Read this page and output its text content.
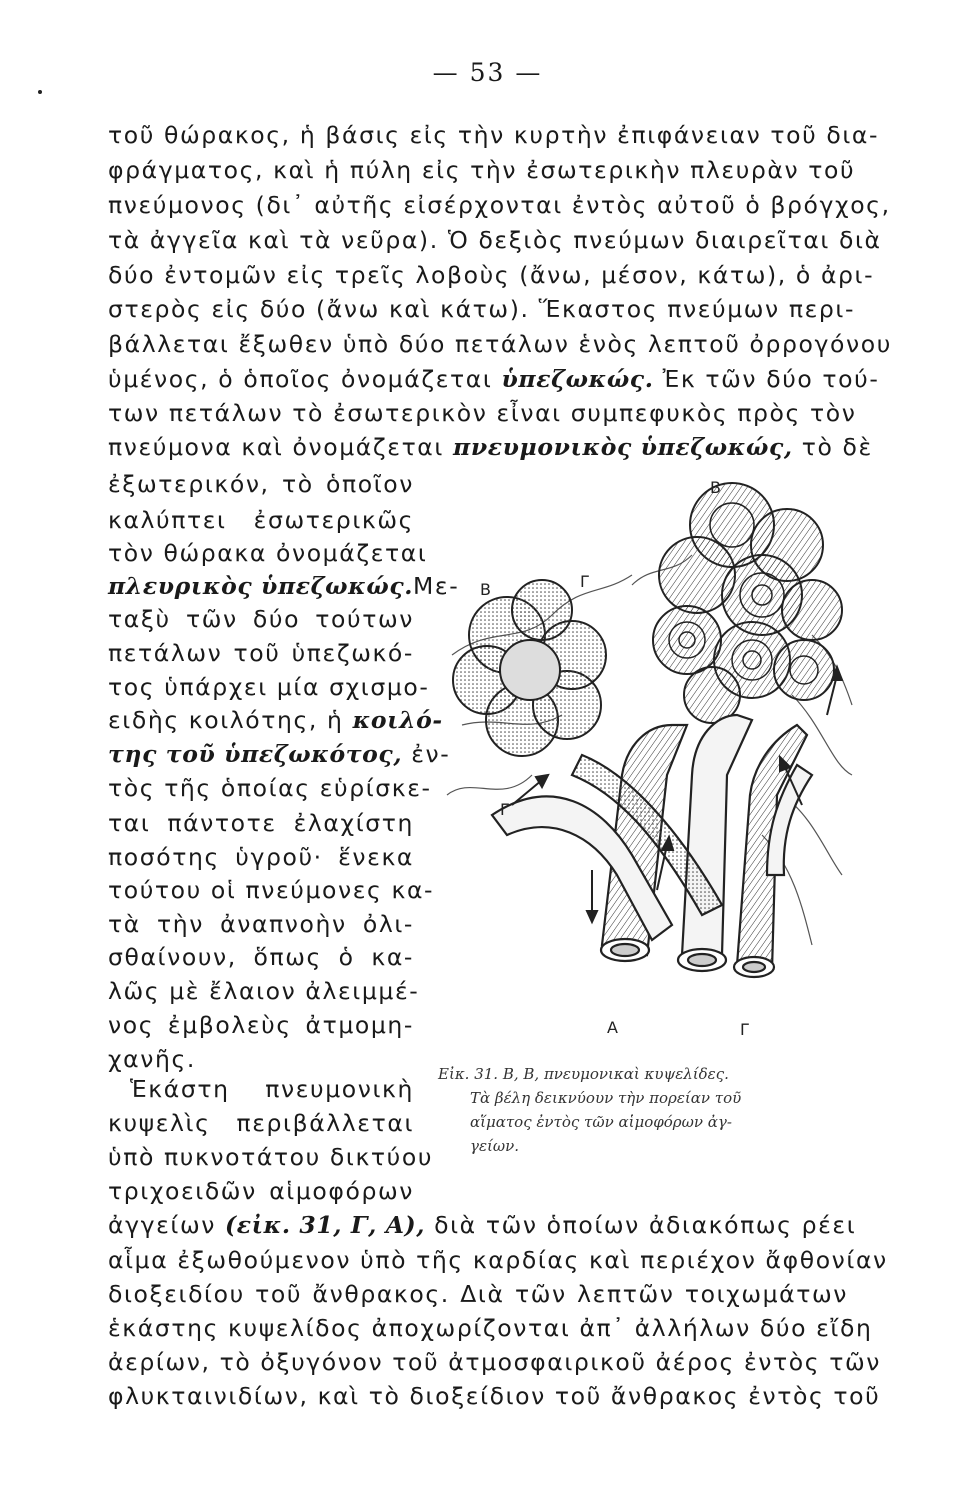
— 53 —
τοῦ θώρακος, ἡ βάσις εἰς τὴν κυρτὴν ἐπιφάνειαν τοῦ δια-
φράγματος, καὶ ἡ πύλη εἰς τὴν ἐσωτερικὴν πλευρὰν τοῦ
πνεύμονος (δι᾽ αὐτῆς εἰσέρχονται ἐντὸς αὐτοῦ ὁ βρόγχος,
τὰ ἀγγεῖα καὶ τὰ νεῦρα). Ὁ δεξιὸς πνεύμων διαιρεῖται διὰ
δύο ἐντομῶν εἰς τρεῖς λοβοὺς (ἄνω, μέσον, κάτω), ὁ ἀρι-
στερὸς εἰς δύο (ἄνω καὶ κάτω). Ἕκαστος πνεύμων περι-
βάλλεται ἔξωθεν ὑπὸ δύο πετάλων ἑνὸς λεπτοῦ ὀρρογόνου
ὑμένος, ὁ ὁποῖος ὀνομάζεται ὑπεζωκώς. Ἐκ τῶν δύο τού-
των πετάλων τὸ ἐσωτερικὸν εἶναι συμπεφυκὸς πρὸς τὸν
πνεύμονα καὶ ὀνομάζεται πνευμονικὸς ὑπεζωκώς, τὸ δὲ
ἐξωτερικόν, τὸ ὁποῖον
καλύπτει ἐσωτερικῶς
τὸν θώρακα ὀνομάζεται
πλευρικὸς ὑπεζωκώς.Με-
ταξὺ τῶν δύο τούτων
πετάλων τοῦ ὑπεζωκό-
τος ὑπάρχει μία σχισμο-
ειδὴς κοιλότης, ἡ κοιλό-
της τοῦ ὑπεζωκότος, ἐν-
τὸς τῆς ὁποίας εὑρίσκε-
ται πάντοτε ἐλαχίστη
ποσότης ὑγροῦ· ἕνεκα
τούτου οἱ πνεύμονες κα-
τὰ τὴν ἀναπνοὴν ὀλι-
σθαίνουν, ὅπως ὁ κα-
λῶς μὲ ἔλαιον ἀλειμμέ-
νος ἐμβολεὺς ἀτμομη-
χανῆς.
Ἑκάστη πνευμονικὴ
κυψελὶς περιβάλλεται
ὑπὸ πυκνοτάτου δικτύου
τριχοειδῶν αἱμοφόρων
ἀγγείων (εἰκ. 31, Γ, Α), διὰ τῶν ὁποίων ἀδιακόπως ρέει
αἷμα ἐξωθούμενον ὑπὸ τῆς καρδίας καὶ περιέχον ἄφθονίαν
διοξειδίου τοῦ ἄνθρακος. Διὰ τῶν λεπτῶν τοιχωμάτων
ἑκάστης κυψελίδος ἀποχωρίζονται ἀπ᾽ ἀλλήλων δύο εἴδη
ἀερίων, τὸ ὀξυγόνον τοῦ ἀτμοσφαιρικοῦ ἀέρος ἐντὸς τῶν
φλυκταινιδίων, καὶ τὸ διοξείδιον τοῦ ἄνθρακος ἐντὸς τοῦ
Β
Β	Γ
Γ
Α	Γ
Εἰκ. 31. Β, Β, πνευμονικαὶ κυψελίδες.
Τὰ βέλη δεικνύουν τὴν πορείαν τοῦ
αἵματος ἐντὸς τῶν αἱμοφόρων ἀγ-
γείων.
